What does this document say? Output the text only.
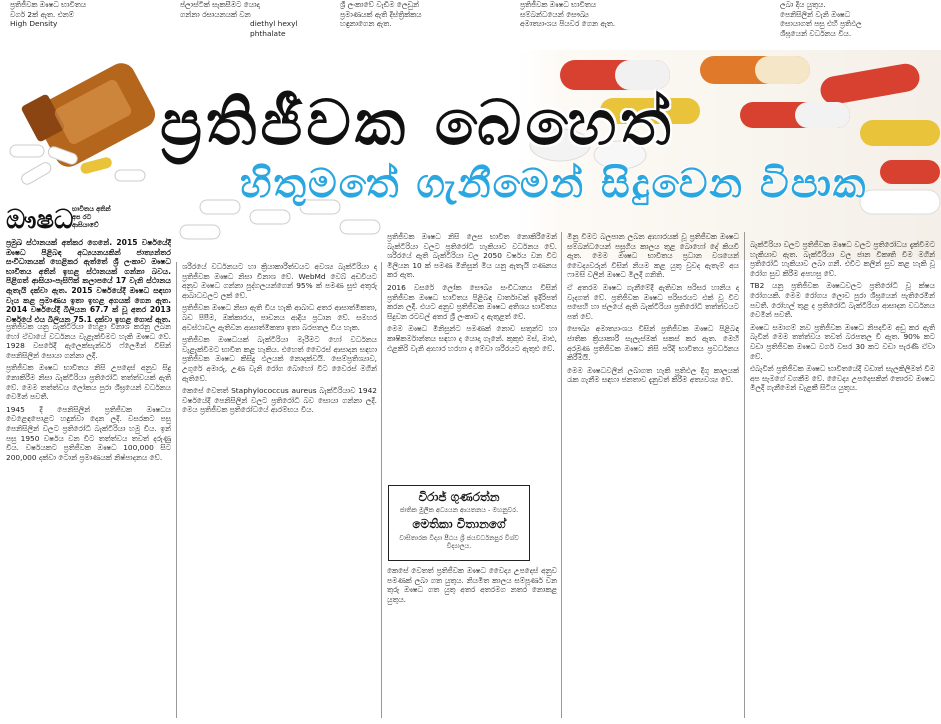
ප්‍රතිජීවක ඖෂධ භාවිතය
වර්ග 2ක් ඇත. එනම්
High Density
ප්ලාස්ටික් සැකසීමට යොදා
ගන්නා රසායනයක් වන
diethyl hexyl
phthalate
ශ්‍රී ලංකාවේ වැඩිම ලෙඩුන්
ප්‍රමාණයක් ඇති දිස්ත්‍රික්කය
හඳුනාගෙන ඇත.
ප්‍රතිජීවක ඖෂධ භාවිතය
සම්බන්ධයෙන් සෞඛ්‍ය
අමාත්‍යාංශය පියවර ගෙන ඇත.
ලබා දිය යුතුය.
පෙනිසිලින් වැනි ඖෂධ
සොයාගත් පසු එහි ප්‍රතිඵල
ශීඝ්‍රයෙන් වර්ධනය විය.
ප්‍රතිජීවක බෙහෙත්
හිතුමතේ ගැනීමෙන් සිදුවෙන විපාක
ඖෂධ
භාවිතය අතින් අප රට ආසියාවේ
ප්‍රමුඛ ස්ථානයක් අත්කර ගෙනේ. 2015 වර්ෂයේදී ඖෂධ පිළිබඳ අධ්‍යයනයකින් ජාත්‍යන්තර සංවිධානයක් හෙළිකර ඇත්තේ ශ්‍රී ලංකාව ඖෂධ භාවිතය අතින් ඉහළ ස්ථානයක් ගන්නා බවය. පිළිගත් ආසියා-පැසිෆික් කලාපයේ 17 වැනි ස්ථානය ඇතැයි දක්වා ඇත. 2015 වර්ෂයේදී ඖෂධ සඳහා වැය කළ ප්‍රමාණය ඉතා ඉහළ අගයක් ගෙන ඇත. 2014 වර්ෂයේදී බිලියන 67.7 ක් වූ අතර 2013 වර්ෂයේ එය බිලියන 75.1 දක්වා ඉහළ ගොස් ඇත.

ප්‍රතිජීවක යනු බැක්ටීරියා හෙළා විනාශ කරනු ලබන හෝ ඒවායේ වර්ධනය වැළැක්වීමට හැකි ඖෂධ වේ. 1928 වසරේදී ඇලෙක්සැන්ඩර් ෆ්ලෙමින් විසින් පෙනිසිලින් සොයා ගන්නා ලදී.

ප්‍රතිජීවක ඖෂධ භාවිතය නිසි උපදෙස් අනුව සිදු නොකිරීම නිසා බැක්ටීරියා ප්‍රතිරෝධී තත්ත්වයක් ඇති වේ. මෙම තත්ත්වය ලෝකය පුරා ශීඝ්‍රයෙන් වර්ධනය වෙමින් පවතී.

1945 දී පෙනිසිලින් ප්‍රතිජීවක ඖෂධය වෙළෙඳපොළට හඳුන්වා දෙන ලදී. වසරකට පසු පෙනිසිලින් වලට ප්‍රතිරෝධී බැක්ටීරියා හමු විය. ඉන් පසු 1950 වර්ෂය වන විට තත්ත්වය තවත් දරුණු විය. වර්ෂයකට ප්‍රතිජීවක ඖෂධ 100,000 සිට 200,000 දක්වා ටොන් ප්‍රමාණයක් නිෂ්පාදනය වේ.

ශරීරයේ වර්ධනයට හා ක්‍රියාකාරීත්වයට අවශ්‍ය බැක්ටීරියා ද ප්‍රතිජීවක ඖෂධ නිසා විනාශ වේ. WebMd වෙබ් අඩවියට අනුව ඖෂධ ගන්නා පුද්ගලයන්ගෙන් 95% ක් පමණ සුළු අතුරු ආබාධවලට ලක් වේ.

ප්‍රතිජීවක ඖෂධ නිසා ඇති විය හැකි ආබාධ අතර ආසාත්මිකතා, බඩ පිපීම, ඔක්කාරය, පාචනය ආදිය ප්‍රධාන වේ. සමහර අවස්ථාවල ඇතිවන ආසාත්මිකතා ඉතා බරපතල විය හැක.

ප්‍රතිජීවක ඖෂධයක් බැක්ටීරියා මැරීමට හෝ වර්ධනය වැළැක්වීමට භාවිත කළ හැකිය. එහෙත් වෛරස් ආසාදන සඳහා ප්‍රතිජීවක ඖෂධ කිසිදු ඵලයක් නොදක්වයි. සෙම්ප්‍රතිශ්‍යාව, උගුරේ අමාරු, උණ වැනි රෝග බොහෝ විට වෛරස් මගින් ඇතිවේ.

කෙසේ වෙතත් Staphylococcus aureus බැක්ටීරියාව 1942 වර්ෂයේදී පෙනිසිලින් වලට ප්‍රතිරෝධී බව සොයා ගන්නා ලදී. මෙය ප්‍රතිජීවක ප්‍රතිරෝධයේ ආරම්භය විය.

ප්‍රතිජීවක ඖෂධ නිසි ලෙස භාවිත නොකිරීමෙන් බැක්ටීරියා වලට ප්‍රතිරෝධී හැකියාව වර්ධනය වේ. ශරීරයේ ඇති බැක්ටීරියා වල 2050 වර්ෂය වන විට මිලියන 10 ක් පමණ මිනිසුන් මිය යනු ඇතැයි ගණනය කර ඇත.

2016 වසරේ ලෝක සෞඛ්‍ය සංවිධානය විසින් ප්‍රතිජීවක ඖෂධ භාවිතය පිළිබඳ වාර්තාවක් ඉදිරිපත් කරන ලදී. එයට අනුව ප්‍රතිජීවක ඖෂධ අතිශය භාවිතය සිදුවන රටවල් අතර ශ්‍රී ලංකාව ද ඇතුළත් වේ.

මෙම ඖෂධ මිනිසුන්ට පමණක් නොව සතුන්ට හා කෘෂිකර්මාන්තය සඳහා ද යොදා ගැනේ. කුකුළු මස්, මාළු, එළකිරි වැනි ආහාර හරහා ද මේවා ශරීරයට ඇතුළු වේ.

විරාජ් ගුණරත්න
ජාතික මුලික අධ්‍යයන ආයතනය - මහනුවර.
මෙතිකා විතානගේ
වාසිතාරක විද්‍යා පීඨය ශ්‍රී ජයවර්ධනපුර විශ්ව විද්‍යාලය.

කෙසේ වෙතත් ප්‍රතිජීවක ඖෂධ වෛද්‍ය උපදෙස් අනුව පමණක් ලබා ගත යුතුය. නියමිත කාලය සම්පූර්ණ වන තුරු ඖෂධ ගත යුතු අතර අතරමග නතර නොකළ යුතුය.

මිනු විමට බලපාන ලබන ආහාරයක් වූ ප්‍රතිජීවක ඖෂධ සම්බන්ධයෙන් පසුගිය කාලය තුළ බොහෝ දේ කියවී ඇත. මෙම ඖෂධ භාවිතය ප්‍රධාන වශයෙන් වෛද්‍යවරුන් විසින් නියම කළ යුතු වුවද ඇතැම් අය ෆාමසි වලින් ඖෂධ මිලදී ගනිති.

ඒ අතරම ඖෂධ ගැනීමේදී ඇතිවන පරිසර හානිය ද වැදගත් වේ. ප්‍රතිජීවක ඖෂධ පරිසරයට එක් වූ විට පසෙහි හා ජලයේ ඇති බැක්ටීරියා ප්‍රතිරෝධී තත්ත්වයට පත් වේ.

සෞඛ්‍ය අමාත්‍යාංශය විසින් ප්‍රතිජීවක ඖෂධ පිළිබඳ ජාතික ක්‍රියාකාරී සැලැස්මක් සකස් කර ඇත. මෙහි අරමුණ ප්‍රතිජීවක ඖෂධ නිසි පරිදි භාවිතය ප්‍රවර්ධනය කිරීමයි.

මෙම ඖෂධවලින් ලබාගත හැකි ප්‍රතිඵල දිගු කාලයක් රැක ගැනීම සඳහා ජනතාව දැනුවත් කිරීම අත්‍යවශ්‍ය වේ.

බැක්ටීරියා වලට ප්‍රතිජීවක ඖෂධ වලට ප්‍රතිරෝධය දැක්වීමට හැකියාව ඇත. බැක්ටීරියා වල ජාන විකෘති වීම මගින් ප්‍රතිරෝධී හැකියාව ලබා ගනී. එවිට කලින් සුව කළ හැකි වූ රෝග සුව කිරීම අපහසු වේ.

TB2 යනු ප්‍රතිජීවක ඖෂධවලට ප්‍රතිරෝධී වූ ක්ෂය රෝගයකි. මෙම රෝගය ලොව පුරා ශීඝ්‍රයෙන් පැතිරෙමින් පවතී. රෝහල් තුළ ද ප්‍රතිරෝධී බැක්ටීරියා ආසාදන වර්ධනය වෙමින් පවතී.

ඖෂධ සමාගම් නව ප්‍රතිජීවක ඖෂධ නිපදවීම අඩු කර ඇති බැවින් මෙම තත්ත්වය තවත් බරපතල වී ඇත. 90% කට වඩා ප්‍රතිජීවක ඖෂධ වර්ග වසර 30 කට වඩා පැරණි ඒවා වේ.

එබැවින් ප්‍රතිජීවක ඖෂධ භාවිතයේදී වඩාත් සැලකිලිමත් වීම අප සැමගේ වගකීම වේ. වෛද්‍ය උපදෙසකින් තොරව ඖෂධ මිලදී ගැනීමෙන් වැළකී සිටිය යුතුය.
